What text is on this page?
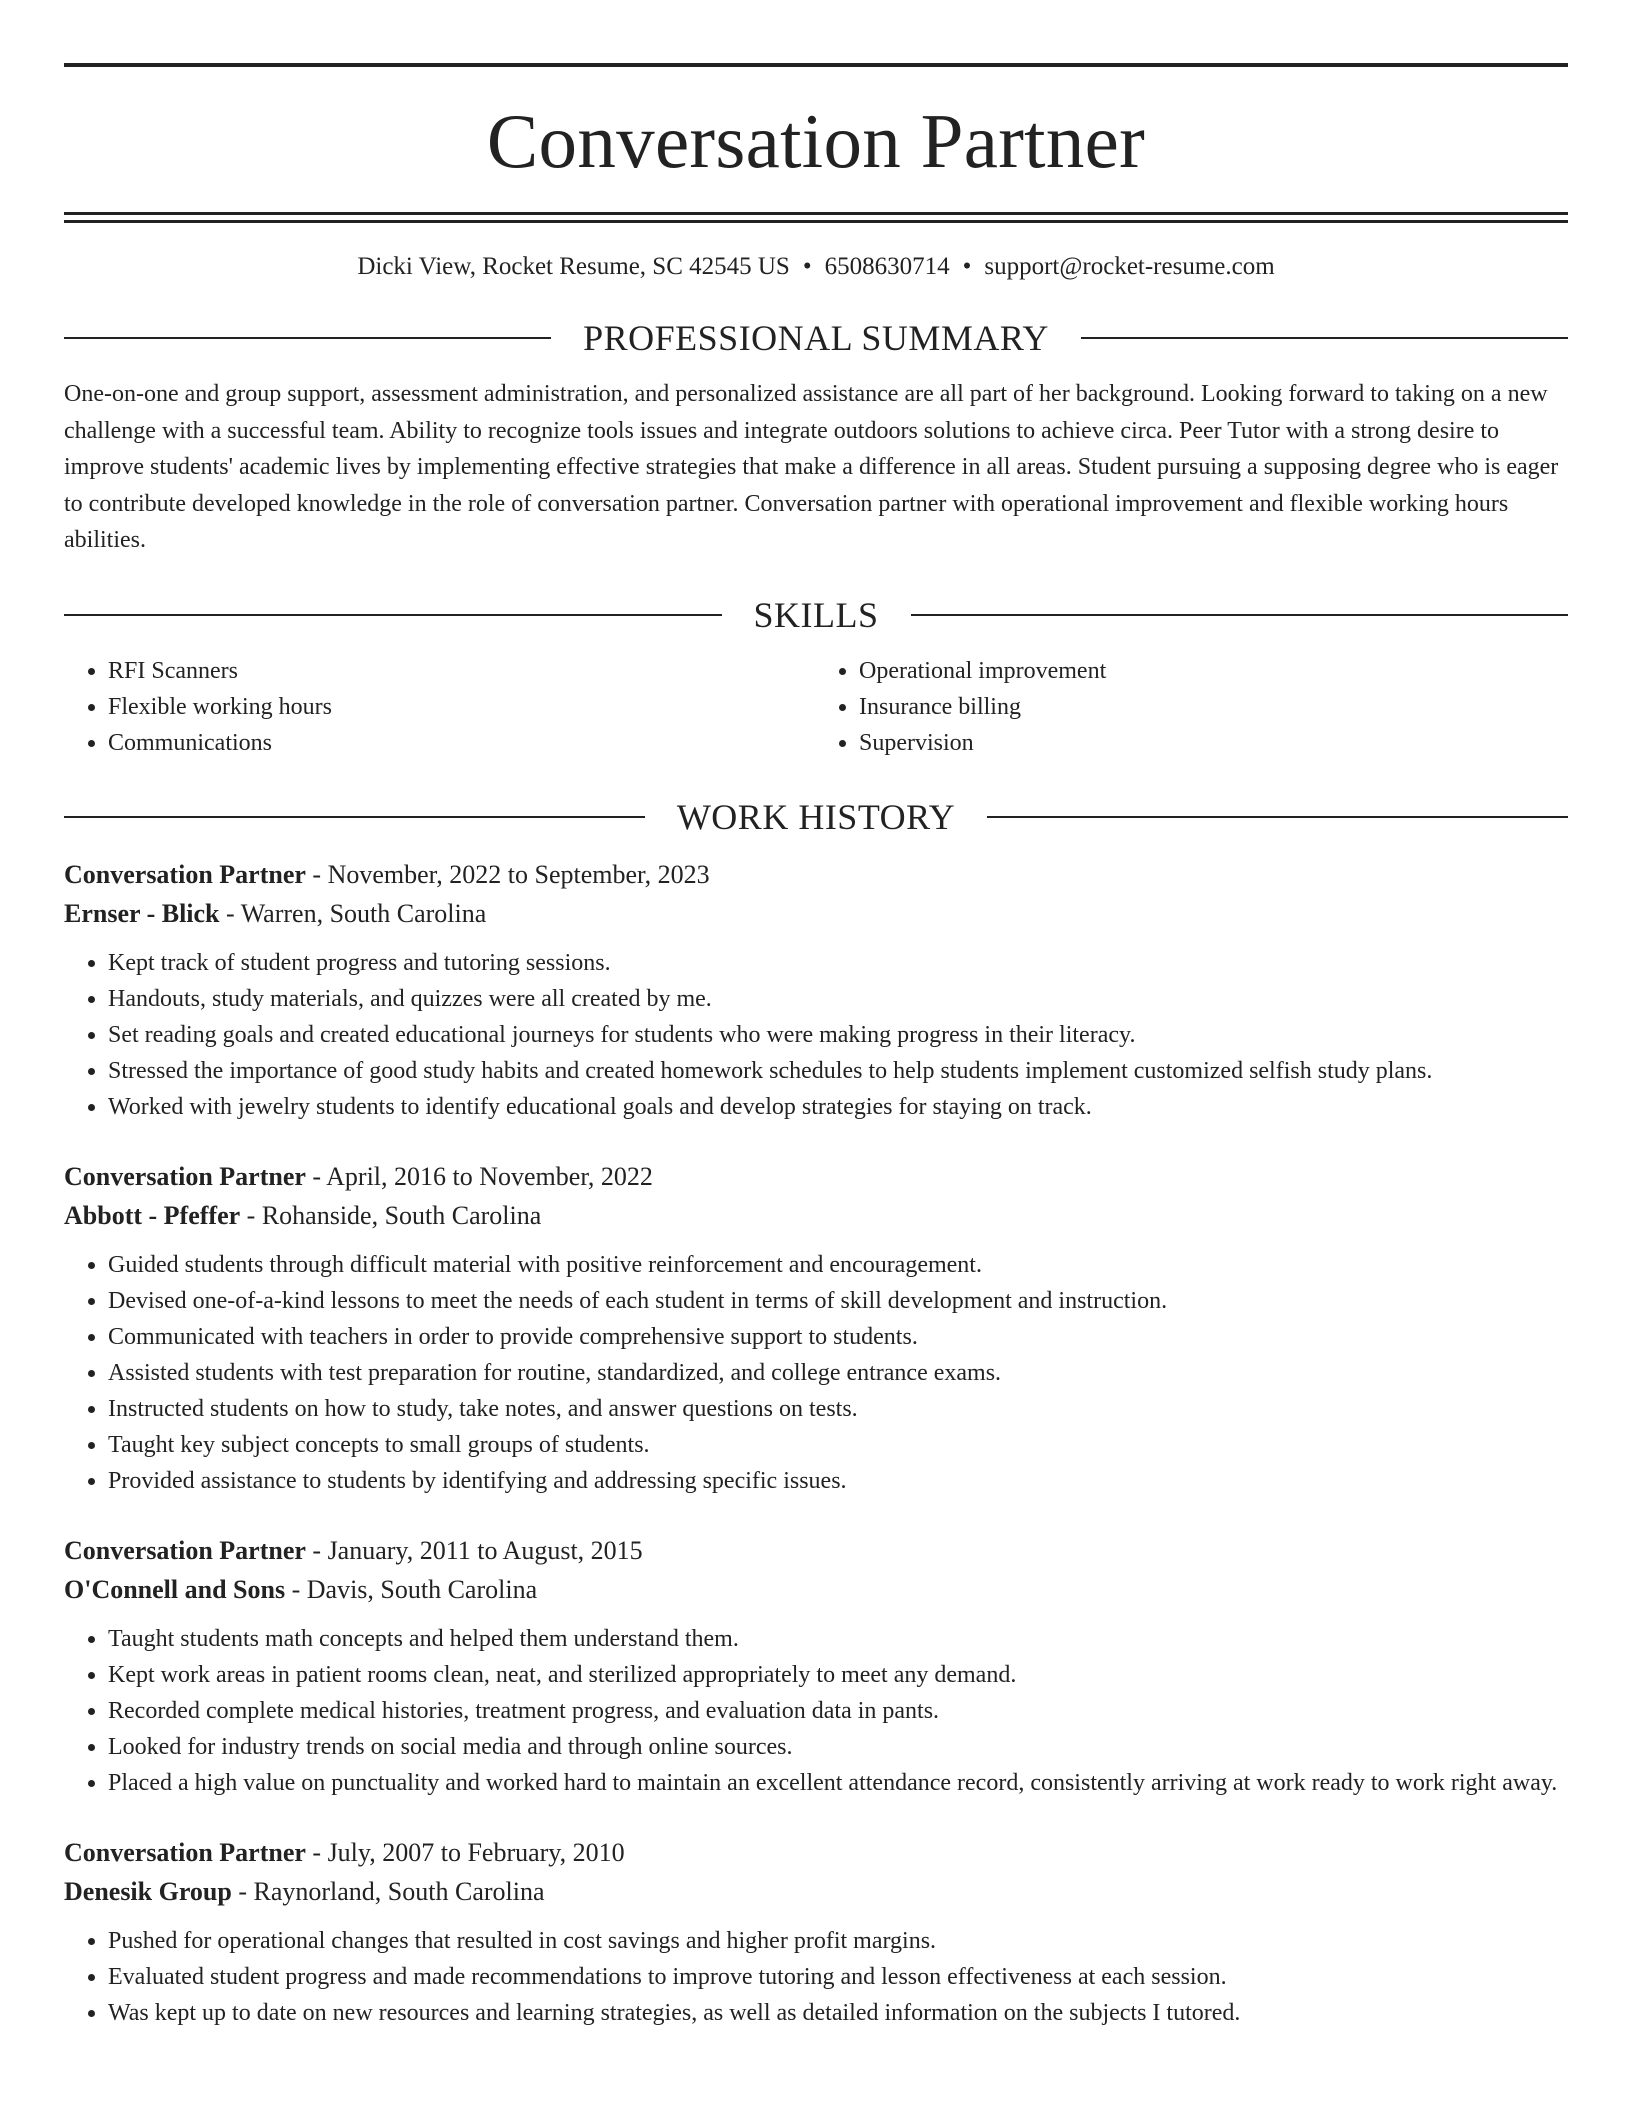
Conversation Partner
Dicki View, Rocket Resume, SC 42545 US • 6508630714 • support@rocket-resume.com
PROFESSIONAL SUMMARY
One-on-one and group support, assessment administration, and personalized assistance are all part of her background. Looking forward to taking on a new challenge with a successful team. Ability to recognize tools issues and integrate outdoors solutions to achieve circa. Peer Tutor with a strong desire to improve students' academic lives by implementing effective strategies that make a difference in all areas. Student pursuing a supposing degree who is eager to contribute developed knowledge in the role of conversation partner. Conversation partner with operational improvement and flexible working hours abilities.
SKILLS
• RFI Scanners
• Flexible working hours
• Communications
• Operational improvement
• Insurance billing
• Supervision
WORK HISTORY
Conversation Partner - November, 2022 to September, 2023
Ernser - Blick - Warren, South Carolina
• Kept track of student progress and tutoring sessions.
• Handouts, study materials, and quizzes were all created by me.
• Set reading goals and created educational journeys for students who were making progress in their literacy.
• Stressed the importance of good study habits and created homework schedules to help students implement customized selfish study plans.
• Worked with jewelry students to identify educational goals and develop strategies for staying on track.
Conversation Partner - April, 2016 to November, 2022
Abbott - Pfeffer - Rohanside, South Carolina
• Guided students through difficult material with positive reinforcement and encouragement.
• Devised one-of-a-kind lessons to meet the needs of each student in terms of skill development and instruction.
• Communicated with teachers in order to provide comprehensive support to students.
• Assisted students with test preparation for routine, standardized, and college entrance exams.
• Instructed students on how to study, take notes, and answer questions on tests.
• Taught key subject concepts to small groups of students.
• Provided assistance to students by identifying and addressing specific issues.
Conversation Partner - January, 2011 to August, 2015
O'Connell and Sons - Davis, South Carolina
• Taught students math concepts and helped them understand them.
• Kept work areas in patient rooms clean, neat, and sterilized appropriately to meet any demand.
• Recorded complete medical histories, treatment progress, and evaluation data in pants.
• Looked for industry trends on social media and through online sources.
• Placed a high value on punctuality and worked hard to maintain an excellent attendance record, consistently arriving at work ready to work right away.
Conversation Partner - July, 2007 to February, 2010
Denesik Group - Raynorland, South Carolina
• Pushed for operational changes that resulted in cost savings and higher profit margins.
• Evaluated student progress and made recommendations to improve tutoring and lesson effectiveness at each session.
• Was kept up to date on new resources and learning strategies, as well as detailed information on the subjects I tutored.
